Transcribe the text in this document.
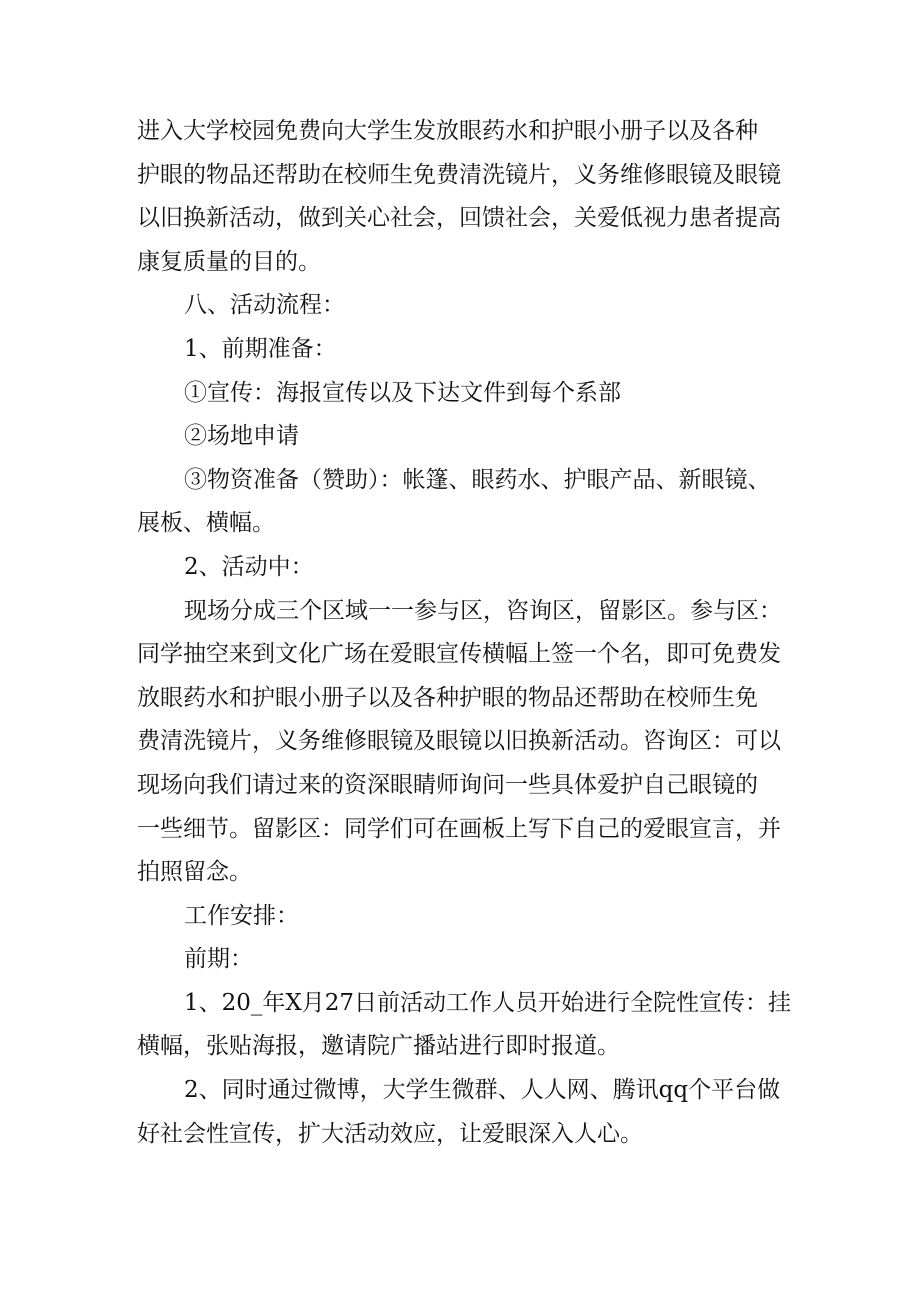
进入大学校园免费向大学生发放眼药水和护眼小册子以及各种
护眼的物品还帮助在校师生免费清洗镜片，义务维修眼镜及眼镜
以旧换新活动，做到关心社会，回馈社会，关爱低视力患者提高
康复质量的目的。
八、活动流程：
1、前期准备：
①宣传：海报宣传以及下达文件到每个系部
②场地申请
③物资准备（赞助）：帐篷、眼药水、护眼产品、新眼镜、
展板、横幅。
2、活动中：
现场分成三个区域一一参与区，咨询区，留影区。参与区：
同学抽空来到文化广场在爱眼宣传横幅上签一个名，即可免费发
放眼药水和护眼小册子以及各种护眼的物品还帮助在校师生免
费清洗镜片，义务维修眼镜及眼镜以旧换新活动。咨询区：可以
现场向我们请过来的资深眼睛师询问一些具体爱护自己眼镜的
一些细节。留影区：同学们可在画板上写下自己的爱眼宣言，并
拍照留念。
工作安排：
前期：
1、20_年X月27日前活动工作人员开始进行全院性宣传：挂
横幅，张贴海报，邀请院广播站进行即时报道。
2、同时通过微博，大学生微群、人人网、腾讯qq个平台做
好社会性宣传，扩大活动效应，让爱眼深入人心。
